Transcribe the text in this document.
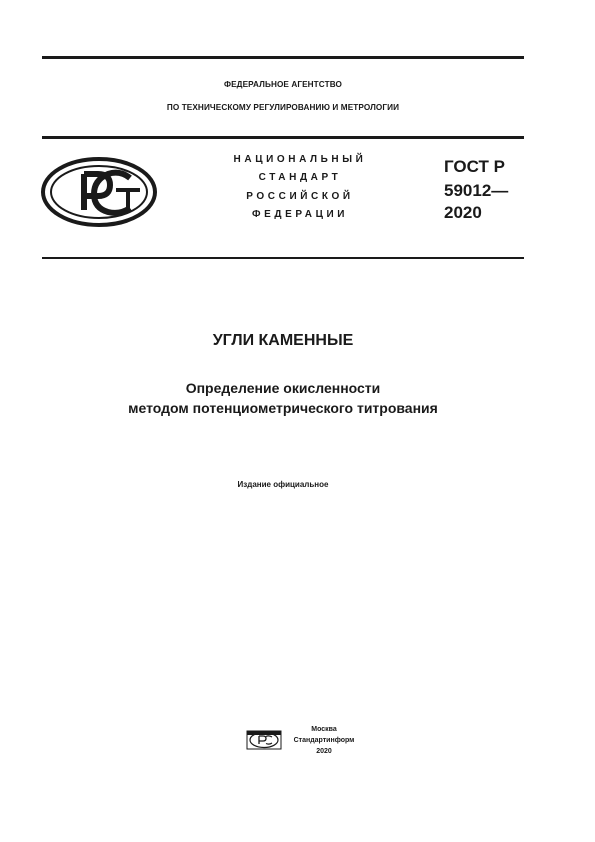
ФЕДЕРАЛЬНОЕ АГЕНТСТВО
ПО ТЕХНИЧЕСКОМУ РЕГУЛИРОВАНИЮ И МЕТРОЛОГИИ
НАЦИОНАЛЬНЫЙ
СТАНДАРТ
РОССИЙСКОЙ
ФЕДЕРАЦИИ
ГОСТ Р
59012—
2020
УГЛИ КАМЕННЫЕ
Определение окисленности
методом потенциометрического титрования
Издание официальное
Москва
Стандартинформ
2020
